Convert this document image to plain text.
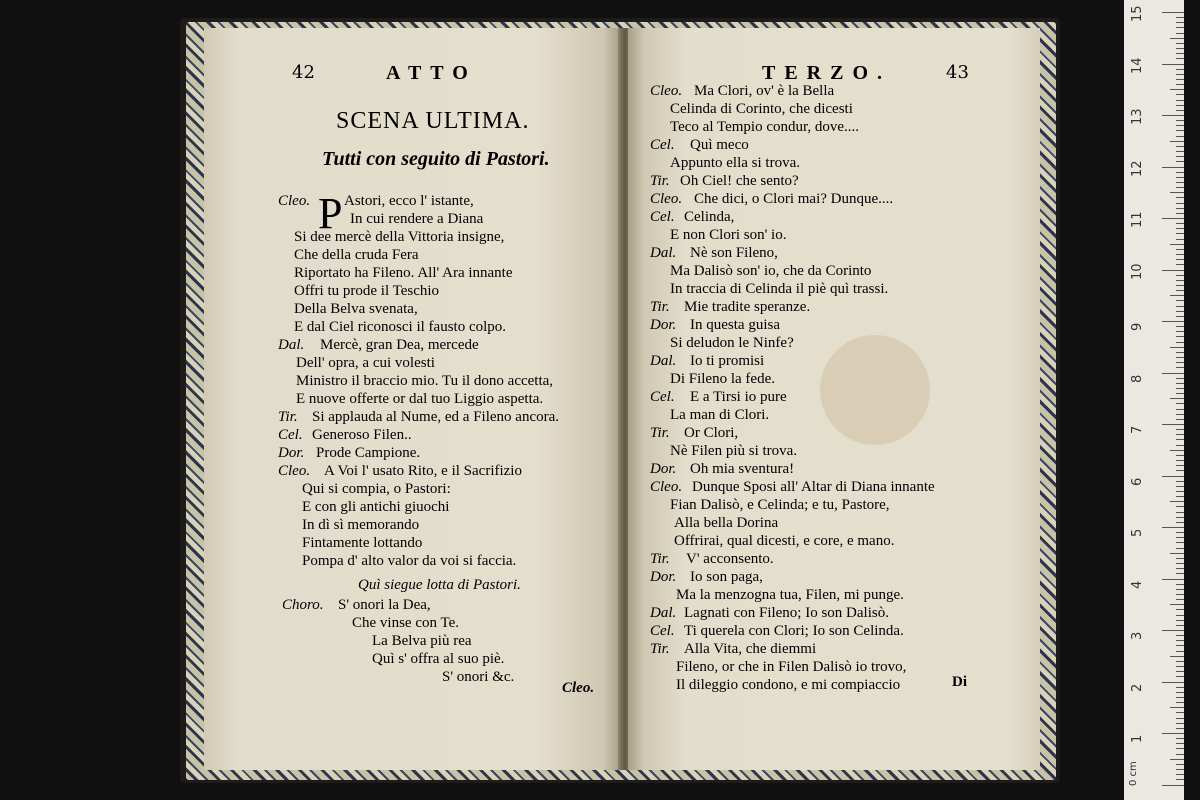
42	ATTO
SCENA ULTIMA.
Tutti con seguito di Pastori.
P
Cleo. Astori, ecco l' istante,
In cui rendere a Diana
Si dee mercè della Vittoria insigne,
Che della cruda Fera
Riportato ha Fileno. All' Ara innante
Offri tu prode il Teschio
Della Belva svenata,
E dal Ciel riconosci il fausto colpo.
Dal. Mercè, gran Dea, mercede
Dell' opra, a cui volesti
Ministro il braccio mio. Tu il dono accetta,
E nuove offerte or dal tuo Liggio aspetta.
Tir. Si applauda al Nume, ed a Fileno ancora.
Cel. Generoso Filen..
Dor. Prode Campione.
Cleo. A Voi l' usato Rito, e il Sacrifizio
Qui si compia, o Pastori:
E con gli antichi giuochi
In dì sì memorando
Fintamente lottando
Pompa d' alto valor da voi si faccia.
Quì siegue lotta di Pastori.
Choro. S' onori la Dea,
Che vinse con Te.
La Belva più rea
Quì s' offra al suo piè.
S' onori &c.
Cleo.
TERZO.	43
Cleo. Ma Clori, ov' è la Bella
Celinda di Corinto, che dicesti
Teco al Tempio condur, dove....
Cel. Quì meco
Appunto ella si trova.
Tir. Oh Ciel! che sento?
Cleo. Che dici, o Clori mai? Dunque....
Cel. Celinda,
E non Clori son' io.
Dal. Nè son Fileno,
Ma Dalisò son' io, che da Corinto
In traccia di Celinda il piè quì trassi.
Tir. Mie tradite speranze.
Dor. In questa guisa
Si deludon le Ninfe?
Dal. Io ti promisi
Di Fileno la fede.
Cel. E a Tirsi io pure
La man di Clori.
Tir. Or Clori,
Nè Filen più si trova.
Dor. Oh mia sventura!
Cleo. Dunque Sposi all' Altar di Diana innante
Fian Dalisò, e Celinda; e tu, Pastore,
Alla bella Dorina
Offrirai, qual dicesti, e core, e mano.
Tir. V' acconsento.
Dor. Io son paga,
Ma la menzogna tua, Filen, mi punge.
Dal. Lagnati con Fileno; Io son Dalisò.
Cel. Ti querela con Clori; Io son Celinda.
Tir. Alla Vita, che diemmi
Fileno, or che in Filen Dalisò io trovo,
Il dileggio condono, e mi compiaccio	Di
15
14
13
12
11
10
9
8
7
6
5
4
3
2
1
0 cm
